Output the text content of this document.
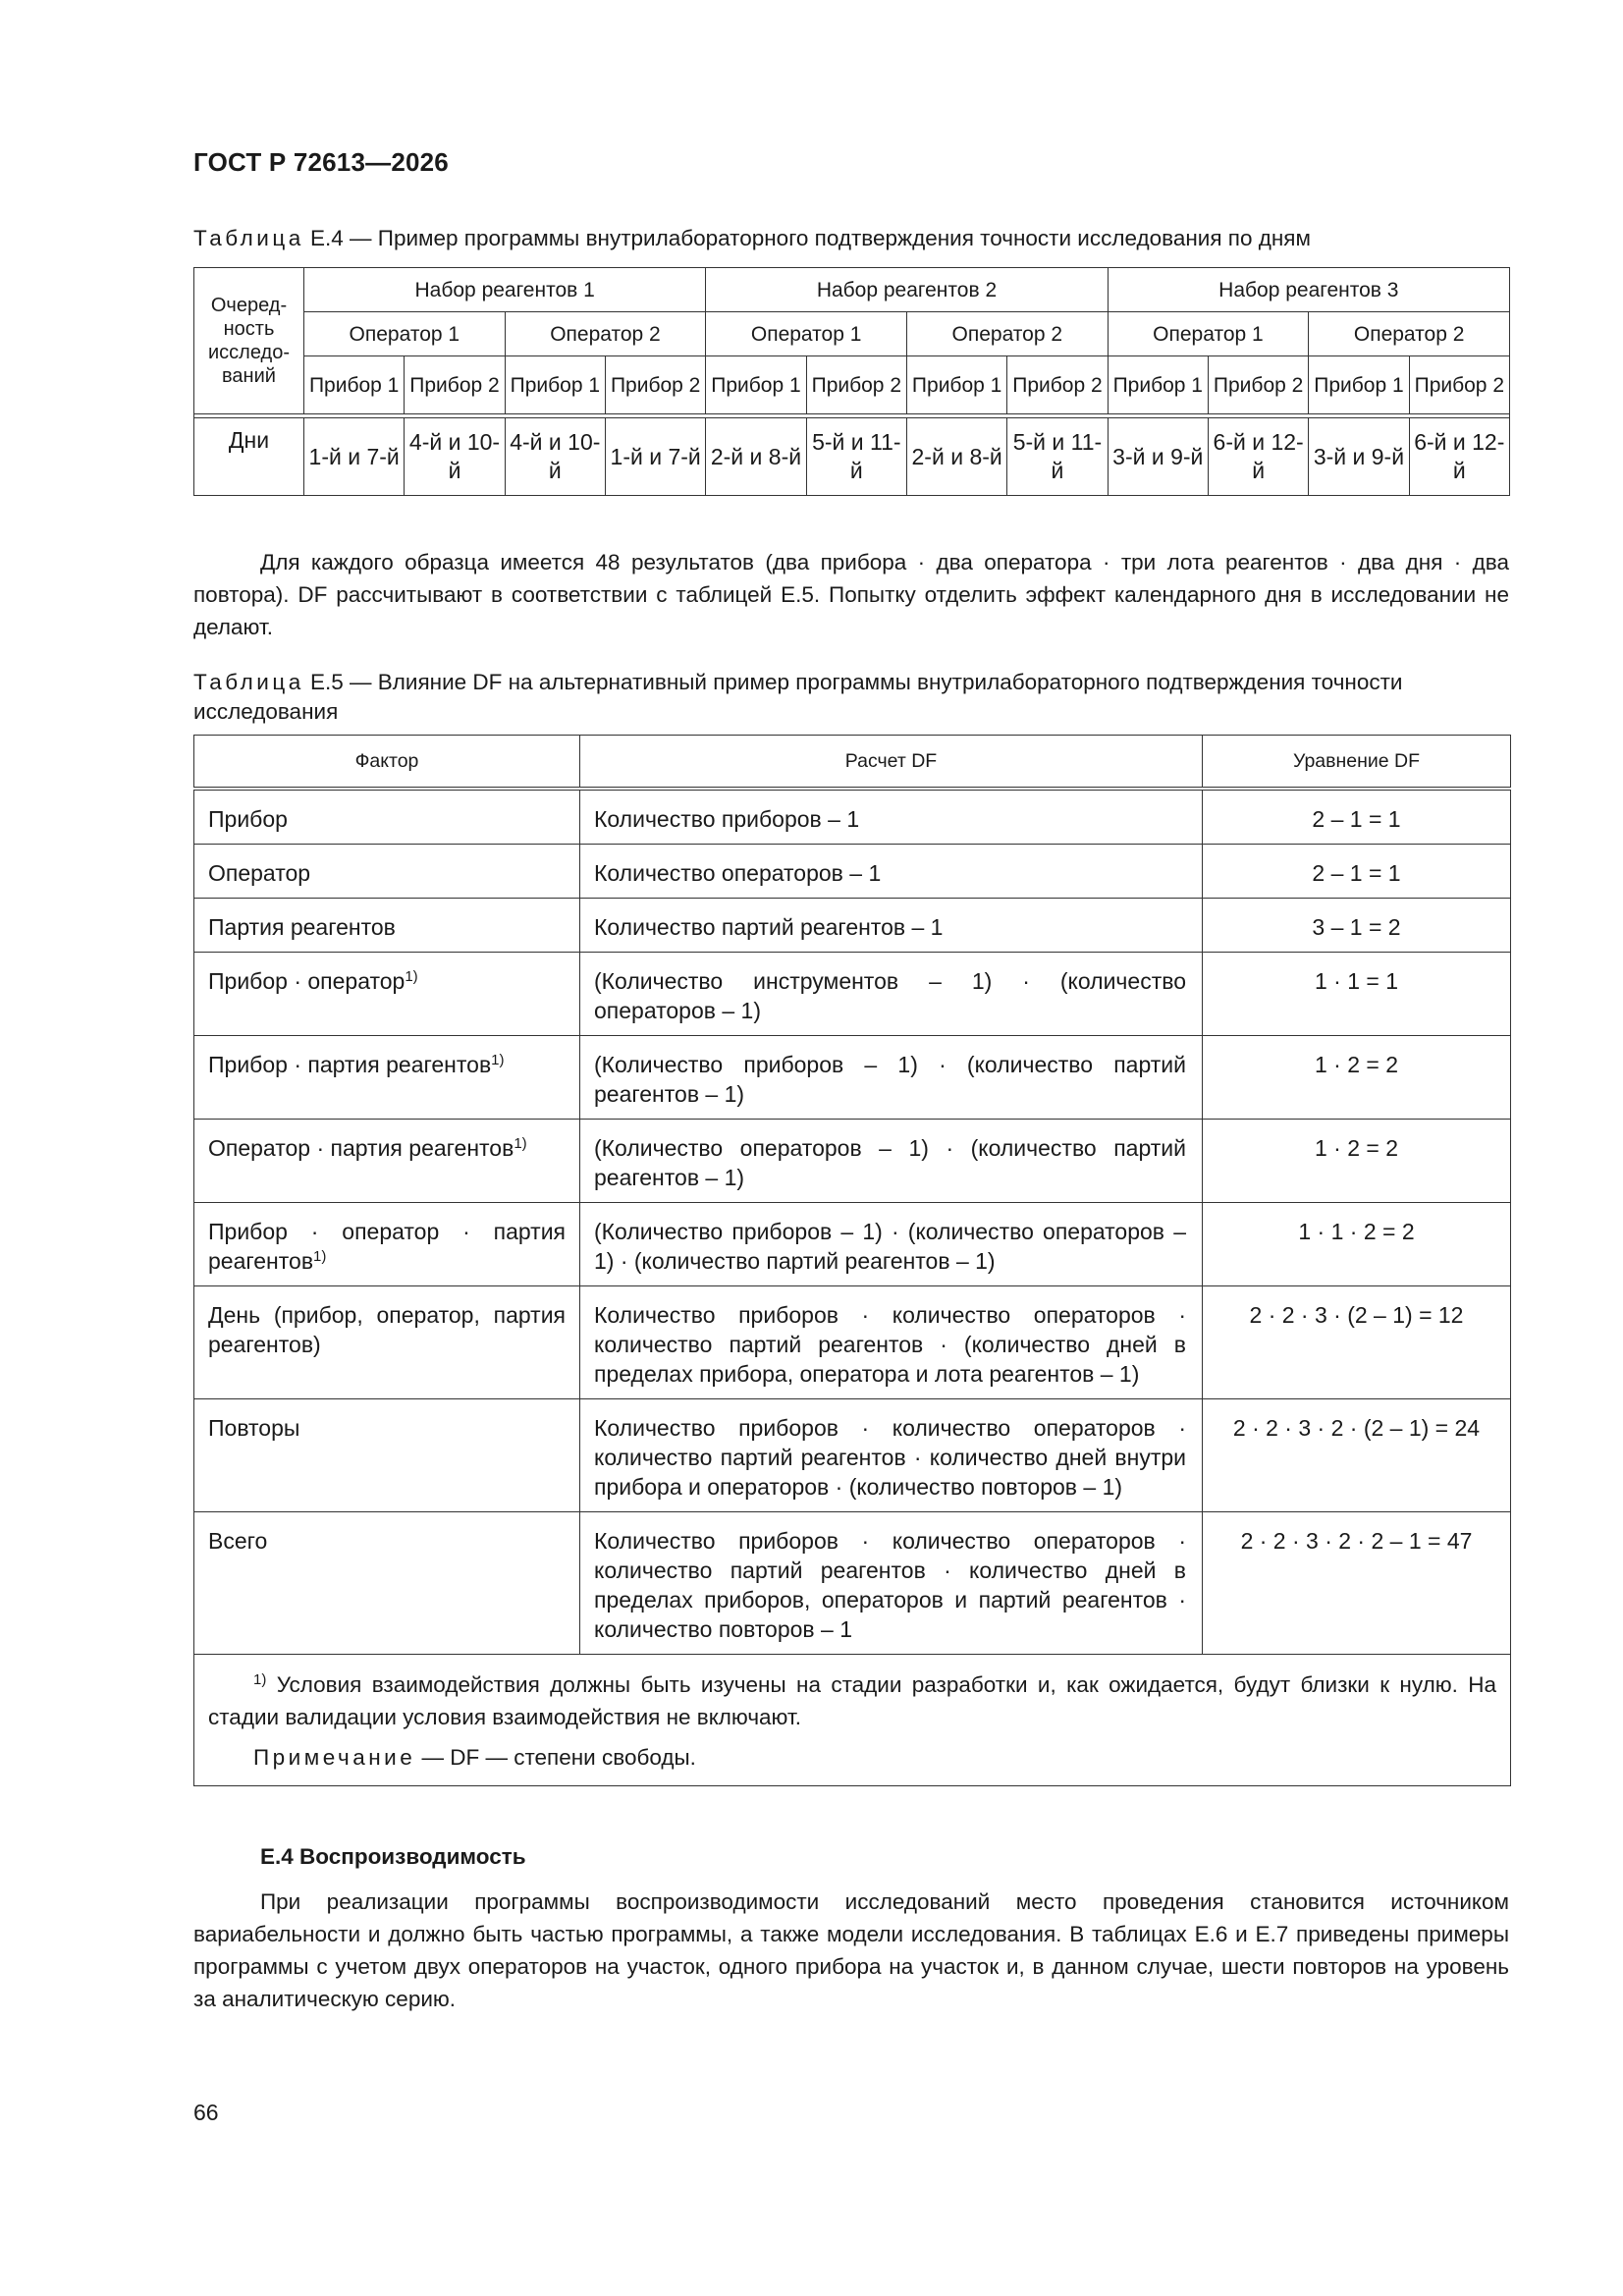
ГОСТ Р 72613—2026
Таблица Е.4 — Пример программы внутрилабораторного подтверждения точности исследования по дням
Очеред-ность исследо-ваний	Набор реагентов 1				Набор реагентов 2				Набор реагентов 3			
	Оператор 1		Оператор 2		Оператор 1		Оператор 2		Оператор 1		Оператор 2	
	Прибор 1	Прибор 2	Прибор 1	Прибор 2	Прибор 1	Прибор 2	Прибор 1	Прибор 2	Прибор 1	Прибор 2	Прибор 1	Прибор 2

Дни	1-й и 7-й	4-й и 10-й	4-й и 10-й	1-й и 7-й	2-й и 8-й	5-й и 11-й	2-й и 8-й	5-й и 11-й	3-й и 9-й	6-й и 12-й	3-й и 9-й	6-й и 12-й
Для каждого образца имеется 48 результатов (два прибора · два оператора · три лота реагентов · два дня · два повтора). DF рассчитывают в соответствии с таблицей Е.5. Попытку отделить эффект календарного дня в исследовании не делают.
Таблица Е.5 — Влияние DF на альтернативный пример программы внутрилабораторного подтверждения точности исследования
Фактор	Расчет DF	Уравнение DF
Прибор	Количество приборов – 1	2 – 1 = 1
Оператор	Количество операторов – 1	2 – 1 = 1
Партия реагентов	Количество партий реагентов – 1	3 – 1 = 2
Прибор · оператор$^{1)}$	(Количество инструментов – 1) · (количество операторов – 1)	1 · 1 = 1
Прибор · партия реагентов$^{1)}$	(Количество приборов – 1) · (количество партий реагентов – 1)	1 · 2 = 2
Оператор · партия реагентов$^{1)}$	(Количество операторов – 1) · (количество партий реагентов – 1)	1 · 2 = 2
Прибор · оператор · партия реагентов$^{1)}$	(Количество приборов – 1) · (количество операторов – 1) · (количество партий реагентов – 1)	1 · 1 · 2 = 2
День (прибор, оператор, партия реагентов)	Количество приборов · количество операторов · количество партий реагентов · (количество дней в пределах прибора, оператора и лота реагентов – 1)	2 · 2 · 3 · (2 – 1) = 12
Повторы	Количество приборов · количество операторов · количество партий реагентов · количество дней внутри прибора и операторов · (количество повторов – 1)	2 · 2 · 3 · 2 · (2 – 1) = 24
Всего	Количество приборов · количество операторов · количество партий реагентов · количество дней в пределах приборов, операторов и партий реагентов · количество повторов – 1	2 · 2 · 3 · 2 · 2 – 1 = 47

$^{1)}$ Условия взаимодействия должны быть изучены на стадии разработки и, как ожидается, будут близки к нулю. На стадии валидации условия взаимодействия не включают.
Примечание — DF — степени свободы.		
Е.4 Воспроизводимость
При реализации программы воспроизводимости исследований место проведения становится источником вариабельности и должно быть частью программы, а также модели исследования. В таблицах Е.6 и Е.7 приведены примеры программы с учетом двух операторов на участок, одного прибора на участок и, в данном случае, шести повторов на уровень за аналитическую серию.
66
